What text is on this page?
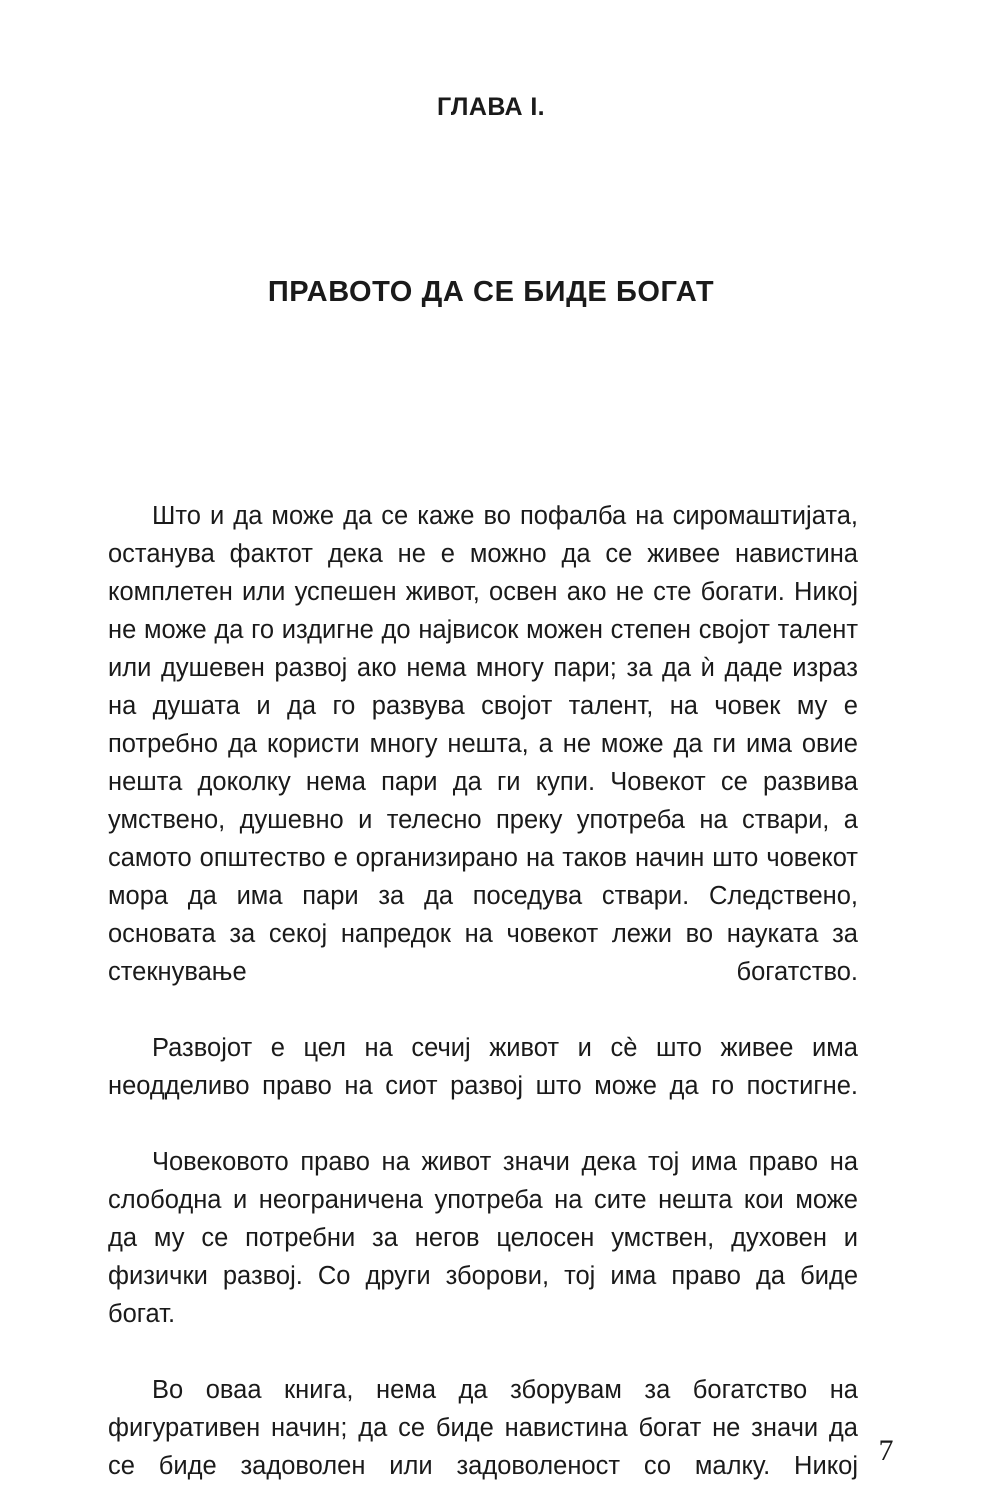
ГЛАВА I.
ПРАВОТО ДА СЕ БИДЕ БОГАТ

Што и да може да се каже во пофалба на сиромаштијата, останува фактот дека не е можно да се живее навистина комплетен или успешен живот, освен ако не сте богати. Никој не може да го издигне до највисок можен степен својот талент или душевен развој ако нема многу пари; за да ѝ даде израз на душата и да го развува својот талент, на човек му е потребно да користи многу нешта, а не може да ги има овие нешта доколку нема пари да ги купи. Човекот се развива умствено, душевно и телесно преку употреба на ствари, а самото општество е организирано на таков начин што човекот мора да има пари за да поседува ствари. Следствено, основата за секој напредок на човекот лежи во науката за стекнување богатство.

Развојот е цел на сечиј живот и сѐ што живее има неодделиво право на сиот развој што може да го постигне.

Човековото право на живот значи дека тој има право на слободна и неограничена употреба на сите нешта кои може да му се потребни за негов целосен умствен, духовен и физички развој. Со други зборови, тој има право да биде богат.

Во оваа книга, нема да зборувам за богатство на фигуративен начин; да се биде навистина богат не значи да се биде задоволен или задоволеност со малку. Никој 7
